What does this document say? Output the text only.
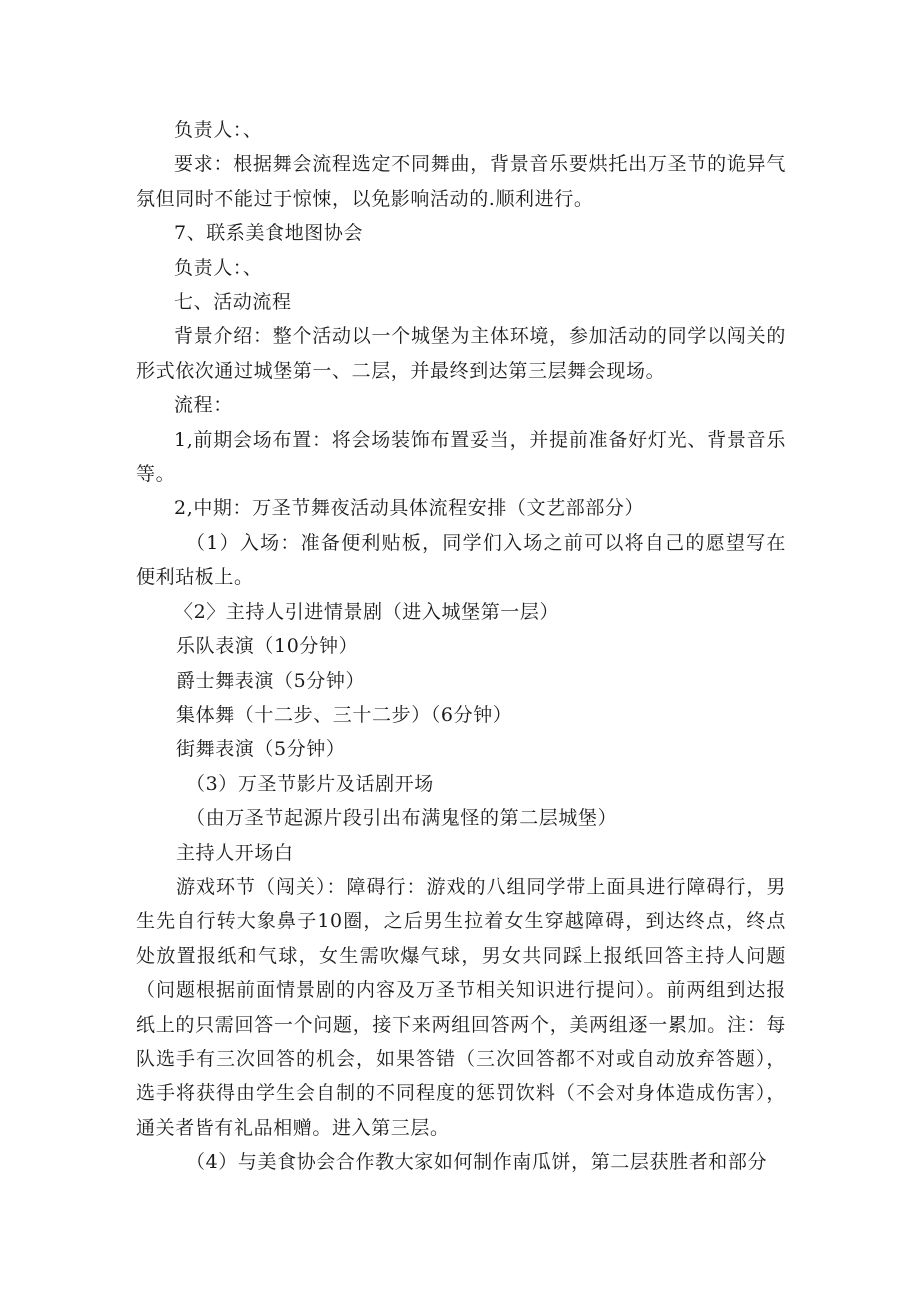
负责人：、

要求：根据舞会流程选定不同舞曲，背景音乐要烘托出万圣节的诡异气氛但同时不能过于惊悚，以免影响活动的.顺利进行。

7、联系美食地图协会

负责人：、

七、活动流程

背景介绍：整个活动以一个城堡为主体环境，参加活动的同学以闯关的形式依次通过城堡第一、二层，并最终到达第三层舞会现场。

流程：

1,前期会场布置：将会场装饰布置妥当，并提前准备好灯光、背景音乐等。

2,中期：万圣节舞夜活动具体流程安排（文艺部部分）

（1）入场：准备便利贴板，同学们入场之前可以将自己的愿望写在便利玷板上。

〈2〉主持人引进情景剧（进入城堡第一层）

乐队表演（10分钟）

爵士舞表演（5分钟）

集体舞（十二步、三十二步）（6分钟）

街舞表演（5分钟）

（3）万圣节影片及话剧开场

（由万圣节起源片段引出布满鬼怪的第二层城堡）

主持人开场白

游戏环节（闯关）：障碍行：游戏的八组同学带上面具进行障碍行，男生先自行转大象鼻子10圈，之后男生拉着女生穿越障碍，到达终点，终点处放置报纸和气球，女生需吹爆气球，男女共同踩上报纸回答主持人问题（问题根据前面情景剧的内容及万圣节相关知识进行提问）。前两组到达报纸上的只需回答一个问题，接下来两组回答两个，美两组逐一累加。注：每队选手有三次回答的机会，如果答错（三次回答都不对或自动放弃答题），选手将获得由学生会自制的不同程度的惩罚饮料（不会对身体造成伤害），通关者皆有礼品相赠。进入第三层。

（4）与美食协会合作教大家如何制作南瓜饼，第二层获胜者和部分
